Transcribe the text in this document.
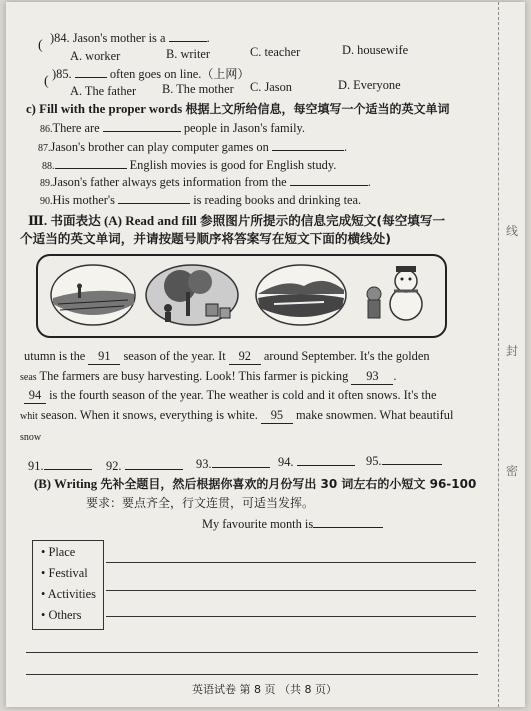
线
封
密
( )84. Jason's mother is a	.
A. worker	B. writer	C. teacher	D. housewife
( )85.	often goes on line.（上网）
A. The father B. The mother C. Jason	D. Everyone
c) Fill with the proper words 根据上文所给信息，每空填写一个适当的英文单词
86.There are	people in Jason's family.
87.Jason's brother can play computer games on	.
88.	English movies is good for English study.
89.Jason's father always gets information from the	.
90.His mother's	is reading books and drinking tea.
Ⅲ. 书面表达 (A) Read and fill 参照图片所提示的信息完成短文(每空填写一
个适当的英文单词，并请按题号顺序将答案写在短文下面的横线处)
utumn is the 91 season of the year. It 92 around September. It's the golden
seas The farmers are busy harvesting. Look! This farmer is picking 93 .
94 is the fourth season of the year. The weather is cold and it often snows. It's the
whit season. When it snows, everything is white. 95 make snowmen. What beautiful
snow
91.	92.	93.	94.	95.
(B) Writing 先补全题目，然后根据你喜欢的月份写出 30 词左右的小短文 96-100
要求：要点齐全，行文连贯，可适当发挥。
My favourite month is
• Place
• Festival
• Activities
• Others
英语试卷 第 8 页 （共 8 页）
